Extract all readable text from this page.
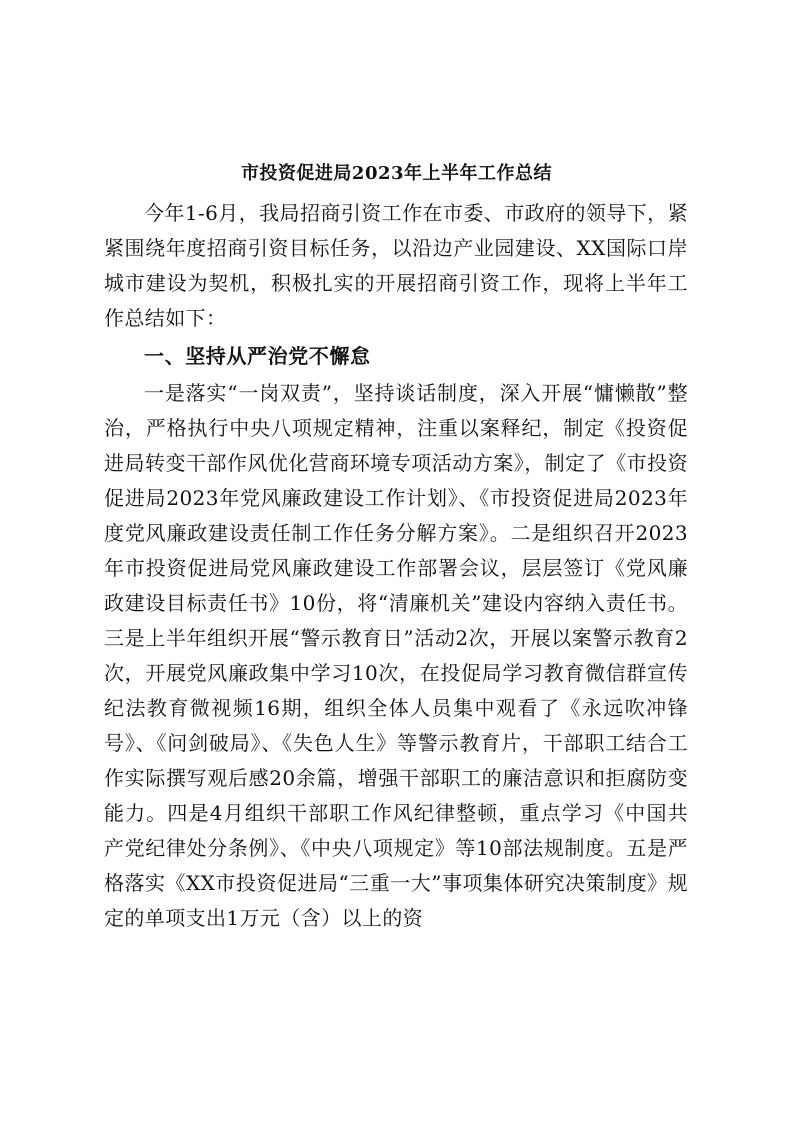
市投资促进局2023年上半年工作总结

今年1-6月，我局招商引资工作在市委、市政府的领导下，紧紧围绕年度招商引资目标任务，以沿边产业园建设、XX国际口岸城市建设为契机，积极扎实的开展招商引资工作，现将上半年工作总结如下：

一、坚持从严治党不懈怠

一是落实“一岗双责”，坚持谈话制度，深入开展“慵懒散”整治，严格执行中央八项规定精神，注重以案释纪，制定《投资促进局转变干部作风优化营商环境专项活动方案》，制定了《市投资促进局2023年党风廉政建设工作计划》、《市投资促进局2023年度党风廉政建设责任制工作任务分解方案》。二是组织召开2023年市投资促进局党风廉政建设工作部署会议，层层签订《党风廉政建设目标责任书》10份，将“清廉机关”建设内容纳入责任书。三是上半年组织开展“警示教育日”活动2次，开展以案警示教育2次，开展党风廉政集中学习10次，在投促局学习教育微信群宣传纪法教育微视频16期，组织全体人员集中观看了《永远吹冲锋号》、《问剑破局》、《失色人生》等警示教育片，干部职工结合工作实际撰写观后感20余篇，增强干部职工的廉洁意识和拒腐防变能力。四是4月组织干部职工作风纪律整顿，重点学习《中国共产党纪律处分条例》、《中央八项规定》等10部法规制度。五是严格落实《XX市投资促进局“三重一大”事项集体研究决策制度》规定的单项支出1万元（含）以上的资
